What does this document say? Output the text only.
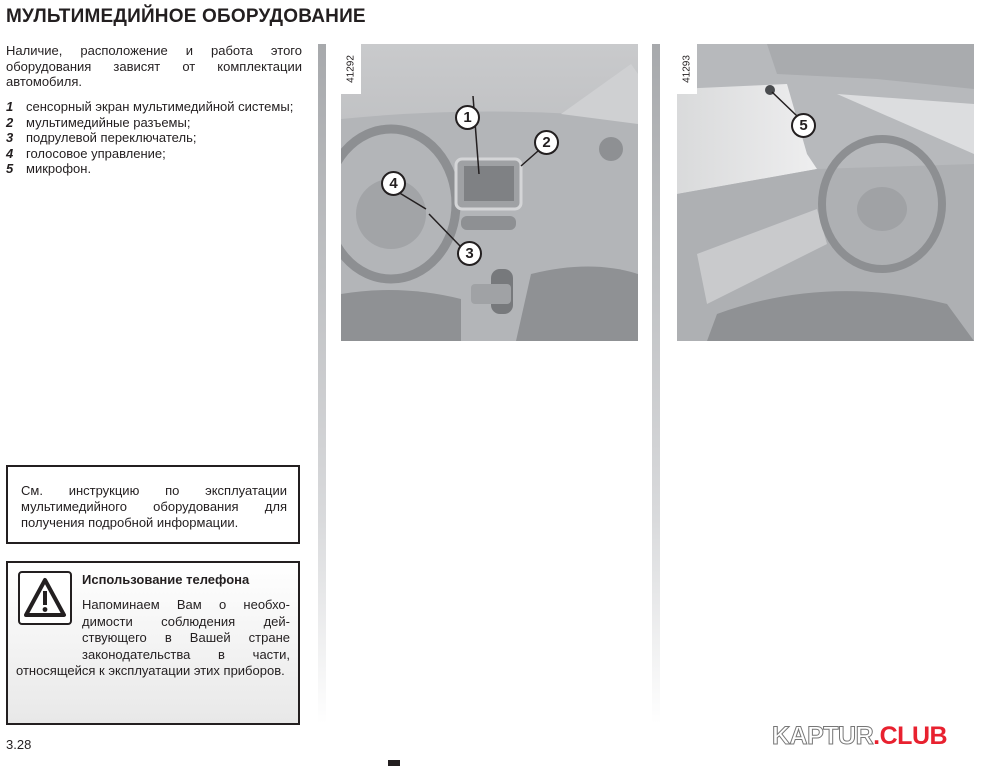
МУЛЬТИМЕДИЙНОЕ ОБОРУДОВАНИЕ
Наличие, расположение и работа этого оборудования зависят от комплектации автомобиля.
1 сенсорный экран мультимедийной системы;
2 мультимедийные разъемы;
3 подрулевой переключатель;
4 голосовое управление;
5 микрофон.
См. инструкцию по эксплуатации мультимедийного оборудования для получения подробной информации.
Использование телефона
Напоминаем Вам о необходимости соблюдения действующего в Вашей стране законодательства в части, относящейся к эксплуатации этих приборов.
3.28
41292
1
2
3
4
41293
5
KAPTUR.CLUB
